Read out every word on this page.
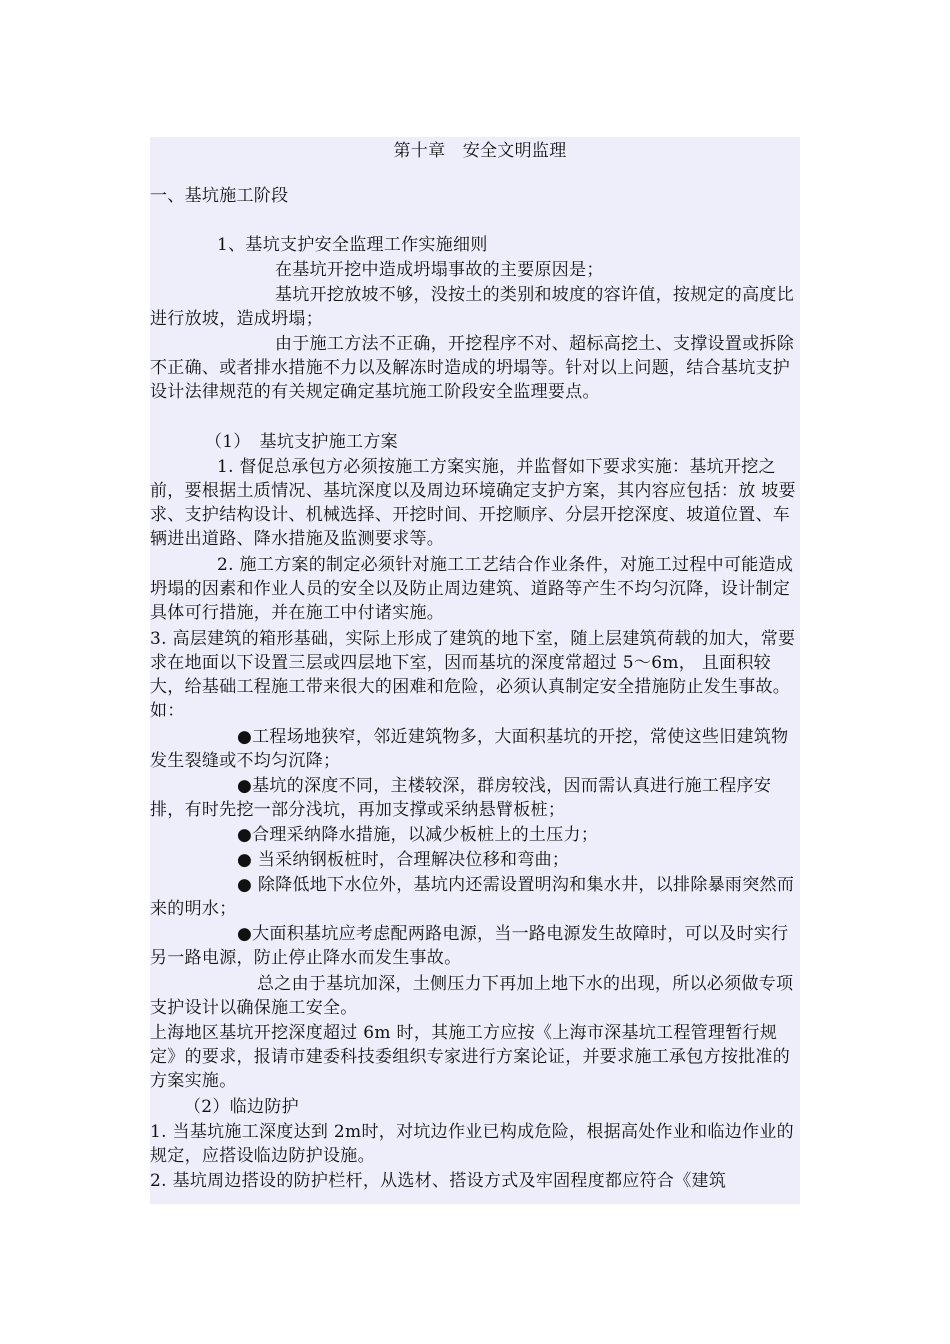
第十章　安全文明监理

一、基坑施工阶段

1、基坑支护安全监理工作实施细则

在基坑开挖中造成坍塌事故的主要原因是；

基坑开挖放坡不够，没按土的类别和坡度的容许值，按规定的高度比进行放坡，造成坍塌；

由于施工方法不正确，开挖程序不对、超标高挖土、支撑设置或拆除不正确、或者排水措施不力以及解冻时造成的坍塌等。针对以上问题，结合基坑支护设计法律规范的有关规定确定基坑施工阶段安全监理要点。

（1）　基坑支护施工方案

1. 督促总承包方必须按施工方案实施，并监督如下要求实施：基坑开挖之前，要根据土质情况、基坑深度以及周边环境确定支护方案，其内容应包括：放 坡要求、支护结构设计、机械选择、开挖时间、开挖顺序、分层开挖深度、坡道位置、车辆进出道路、降水措施及监测要求等。

2. 施工方案的制定必须针对施工工艺结合作业条件，对施工过程中可能造成坍塌的因素和作业人员的安全以及防止周边建筑、道路等产生不均匀沉降，设计制定具体可行措施，并在施工中付诸实施。

3. 高层建筑的箱形基础，实际上形成了建筑的地下室，随上层建筑荷载的加大，常要求在地面以下设置三层或四层地下室，因而基坑的深度常超过 5～6m， 且面积较大，给基础工程施工带来很大的困难和危险，必须认真制定安全措施防止发生事故。如：

●工程场地狭窄，邻近建筑物多，大面积基坑的开挖，常使这些旧建筑物发生裂缝或不均匀沉降；

●基坑的深度不同，主楼较深，群房较浅，因而需认真进行施工程序安排，有时先挖一部分浅坑，再加支撑或采纳悬臂板桩；

●合理采纳降水措施，以减少板桩上的土压力；

● 当采纳钢板桩时，合理解决位移和弯曲；

● 除降低地下水位外，基坑内还需设置明沟和集水井，以排除暴雨突然而来的明水；

●大面积基坑应考虑配两路电源，当一路电源发生故障时，可以及时实行另一路电源，防止停止降水而发生事故。

总之由于基坑加深，土侧压力下再加上地下水的出现，所以必须做专项支护设计以确保施工安全。

上海地区基坑开挖深度超过 6m 时，其施工方应按《上海市深基坑工程管理暂行规定》的要求，报请市建委科技委组织专家进行方案论证，并要求施工承包方按批准的方案实施。

（2）临边防护

1. 当基坑施工深度达到 2m时，对坑边作业已构成危险，根据高处作业和临边作业的规定，应搭设临边防护设施。

2. 基坑周边搭设的防护栏杆，从选材、搭设方式及牢固程度都应符合《建筑
